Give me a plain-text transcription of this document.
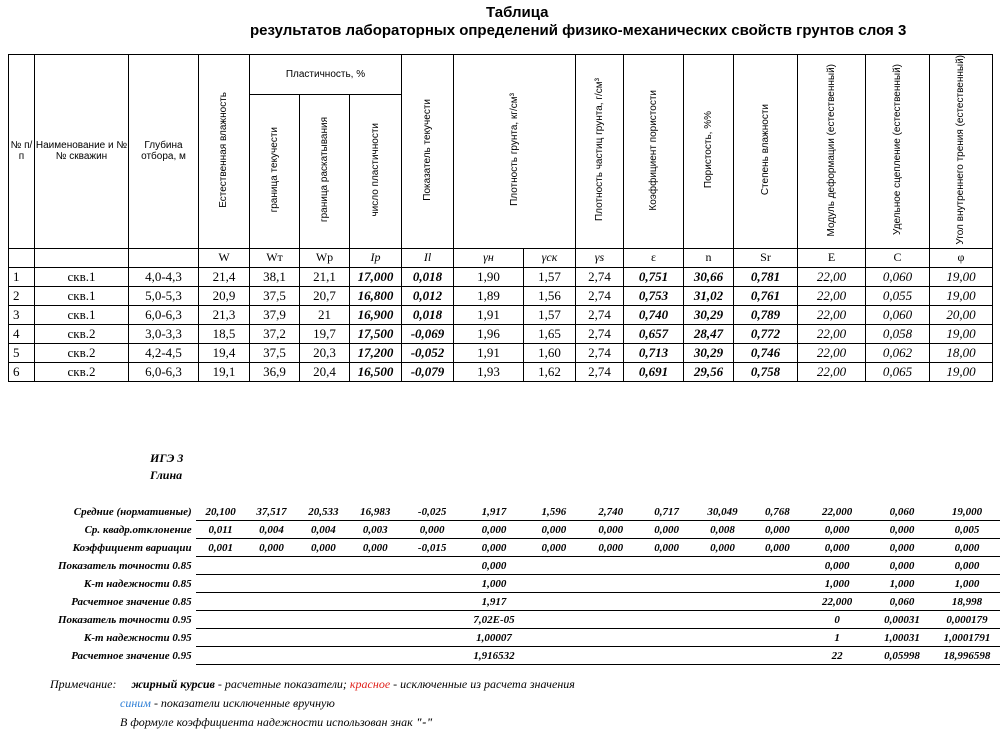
Таблица
результатов лабораторных определений физико-механических свойств грунтов слоя 3
№ п/п	Наименование и №№ скважин	Глубина отбора, м	Естественная влажность	Пластичность, %			Показатель текучести	Плотность грунта, кг/см³		Плотность частиц грунта, г/см³	Коэффициент пористости	Пористость, %%	Степень влажности	Модуль деформации (естественный)	Удельное сцепление (естественный)	Угол внутреннего трения (естественный)
				граница текучести	граница раскатывания	число пластичности										
			W	Wт	Wр	Ip	Il	γн	γск	γs	ε	n	Sr	Е	С	φ
1	скв.1	4,0-4,3	21,4	38,1	21,1	17,000	0,018	1,90	1,57	2,74	0,751	30,66	0,781	22,00	0,060	19,00
2	скв.1	5,0-5,3	20,9	37,5	20,7	16,800	0,012	1,89	1,56	2,74	0,753	31,02	0,761	22,00	0,055	19,00
3	скв.1	6,0-6,3	21,3	37,9	21	16,900	0,018	1,91	1,57	2,74	0,740	30,29	0,789	22,00	0,060	20,00
4	скв.2	3,0-3,3	18,5	37,2	19,7	17,500	-0,069	1,96	1,65	2,74	0,657	28,47	0,772	22,00	0,058	19,00
5	скв.2	4,2-4,5	19,4	37,5	20,3	17,200	-0,052	1,91	1,60	2,74	0,713	30,29	0,746	22,00	0,062	18,00
6	скв.2	6,0-6,3	19,1	36,9	20,4	16,500	-0,079	1,93	1,62	2,74	0,691	29,56	0,758	22,00	0,065	19,00
ИГЭ 3
Глина
Средние (нормативные)	20,100	37,517	20,533	16,983	-0,025	1,917	1,596	2,740	0,717	30,049	0,768	22,000	0,060	19,000
Ср. квадр.отклонение	0,011	0,004	0,004	0,003	0,000	0,000	0,000	0,000	0,000	0,008	0,000	0,000	0,000	0,005
Коэффициент вариации	0,001	0,000	0,000	0,000	-0,015	0,000	0,000	0,000	0,000	0,000	0,000	0,000	0,000	0,000
Показатель точности 0.85						0,000						0,000	0,000	0,000
К-т надежности 0.85						1,000						1,000	1,000	1,000
Расчетное значение 0.85						1,917						22,000	0,060	18,998
Показатель точности 0.95						7,02E-05						0	0,00031	0,000179
К-т надежности 0.95						1,00007						1	1,00031	1,0001791
Расчетное значение 0.95						1,916532						22	0,05998	18,996598
Примечание: жирный курсив - расчетные показатели; красное - исключенные из расчета значения
синим - показатели исключенные вручную
В формуле коэффициента надежности использован знак "-"
